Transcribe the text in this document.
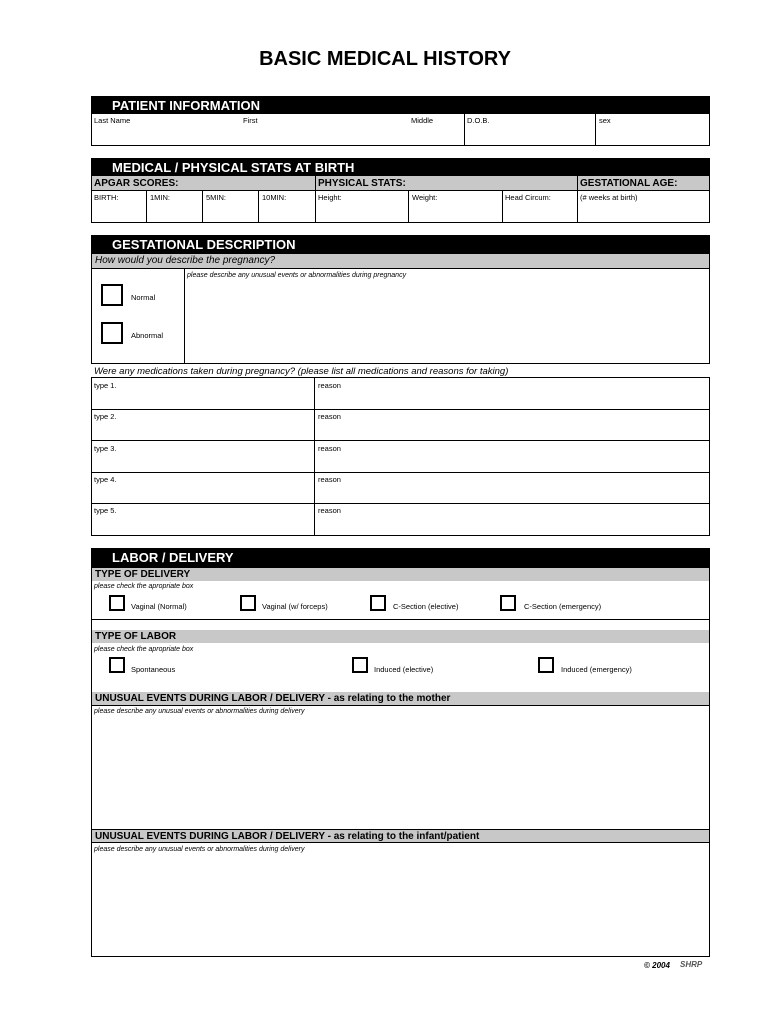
BASIC MEDICAL HISTORY
PATIENT INFORMATION
Last Name	First	Middle	D.O.B.	sex
MEDICAL / PHYSICAL STATS AT BIRTH
APGAR SCORES:	PHYSICAL STATS:	GESTATIONAL AGE:
BIRTH:	1MIN:	5MIN:	10MIN:	Height:	Weight:	Head Circum:	(# weeks at birth)
GESTATIONAL DESCRIPTION
How would you describe the pregnancy?
please describe any unusual events or abnormalities during pregnancy
Normal
Abnormal
Were any medications taken during pregnancy? (please list all medications and reasons for taking)
type 1.	reason
type 2.	reason
type 3.	reason
type 4.	reason
type 5.	reason
LABOR / DELIVERY
TYPE OF DELIVERY
please check the apropriate box
Vaginal (Normal)	Vaginal (w/ forceps)	C-Section (elective)	C-Section (emergency)
TYPE OF LABOR
please check the apropriate box
Spontaneous	Induced (elective)	Induced (emergency)
UNUSUAL EVENTS DURING LABOR / DELIVERY - as relating to the mother
please describe any unusual events or abnormalities during delivery
UNUSUAL EVENTS DURING LABOR / DELIVERY - as relating to the infant/patient
please describe any unusual events or abnormalities during delivery
© 2004 SHRP
